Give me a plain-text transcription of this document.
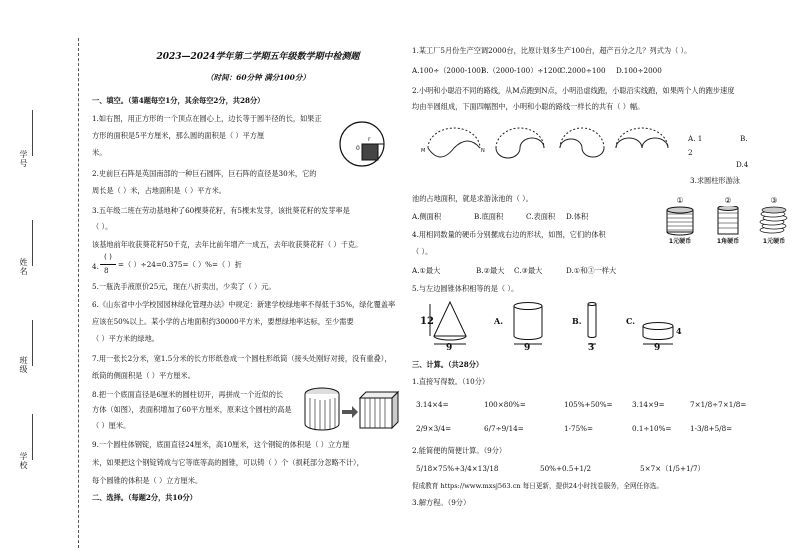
学号
姓名
班级
学校
2023—2024学年第二学期五年级数学期中检测题
（时间：60分钟 满分100分）
一、填空。（第4题每空1分，其余每空2分，共28分）
1.如右图，用正方形的一个顶点在圆心上，边长等于圆半径的长，如果正
方形的面积是5平方厘米，那么圆的面积是（ ）平方厘
米。	0
r
2.史前巨石阵是英国南部的一种巨石圆阵，巨石阵的直径是30米，它的
周长是（ ）米，占地面积是（ ）平方米。
3.五年级二班在劳动基地种了60棵葵花籽，有5棵未发芽，该批葵花籽的发芽率是
（ ）。
该基地前年收获葵花籽50千克，去年比前年增产一成五，去年收获葵花籽（ ）千克。
4.
( )
8
=（ ）÷24=0.375=（ ）%=（ ）折
5.一瓶洗手液原价25元，现在八折卖出，少卖了（ ）元。
6.《山东省中小学校园园林绿化管理办法》中规定：新建学校绿地率不得低于35%，绿化覆盖率
应该在50%以上。某小学的占地面积约30000平方米，要想绿地率达标，至少需要
（ ）平方米的绿地。
7.用一张长2分米，宽1.5分米的长方形纸卷成一个圆柱形纸筒（接头处刚好对接，没有重叠），
纸筒的侧面积是（ ）平方厘米。
8.把一个底面直径是6厘米的圆柱切开，再拼成一个近似的长
方体（如图），表面积增加了60平方厘米，原来这个圆柱的高是
（ ）厘米。
9.一个圆柱体钢锭，底面直径24厘米，高10厘米，这个钢锭的体积是（ ）立方厘
米，如果把这个钢锭铸成与它等底等高的圆锥，可以铸（ ）个（损耗部分忽略不计），
每个圆锥的体积是（ ）立方厘米。
二、选择。（每题2分，共10分）
1.某工厂5月份生产空调2000台，比原计划多生产100台，超产百分之几？列式为（ ）。
A.100÷（2000-100）
B.（2000-100）÷1200
C.2000÷100 D.100÷2000
2.小明和小聪沿不同的路线，从M点跑到N点，小明沿虚线跑，小聪沿实线跑，如果两个人的跑步速度
均由半圆组成，下面四幅图中，小明和小聪的路线一样长的共有（ ）幅。
M	N
A. 1	B.
2
D.4
3.求圆柱形游泳
池的占地面积，就是求游泳池的（ ）。
A.侧面积	B.底面积	C.表面积 D.体积
4.用相同数量的硬币分别摞成右边的形状，如图，它们的体积
（ ）。
A.①最大	B.②最大 C.③最大	D.①和③一样大
①
1元硬币
②
1角硬币
③
1元硬币
5.与左边圆锥体积相等的是（ ）。
12
9
A.
9
B.
3
C.
4
9
三、计算。（共28分）
1.直接写得数。（10分）
3.14×4=	100×80%=	105%+50%=	3.14×9=	7×1/8÷7×1/8=
2/9×3/4=	6/7÷9/14=	1-75%=	0.1÷10%=	1-3/8+5/8=
2.能简便的简便计算。（9分）
5/18×75%+3/4×13/18	50%+0.5+1/2	5×7×（1/5+1/7）
促成教育 https://www.mxsj563.cn 每日更新，提供24小时找卷服务，全网任你选。
3.解方程。（9分）
